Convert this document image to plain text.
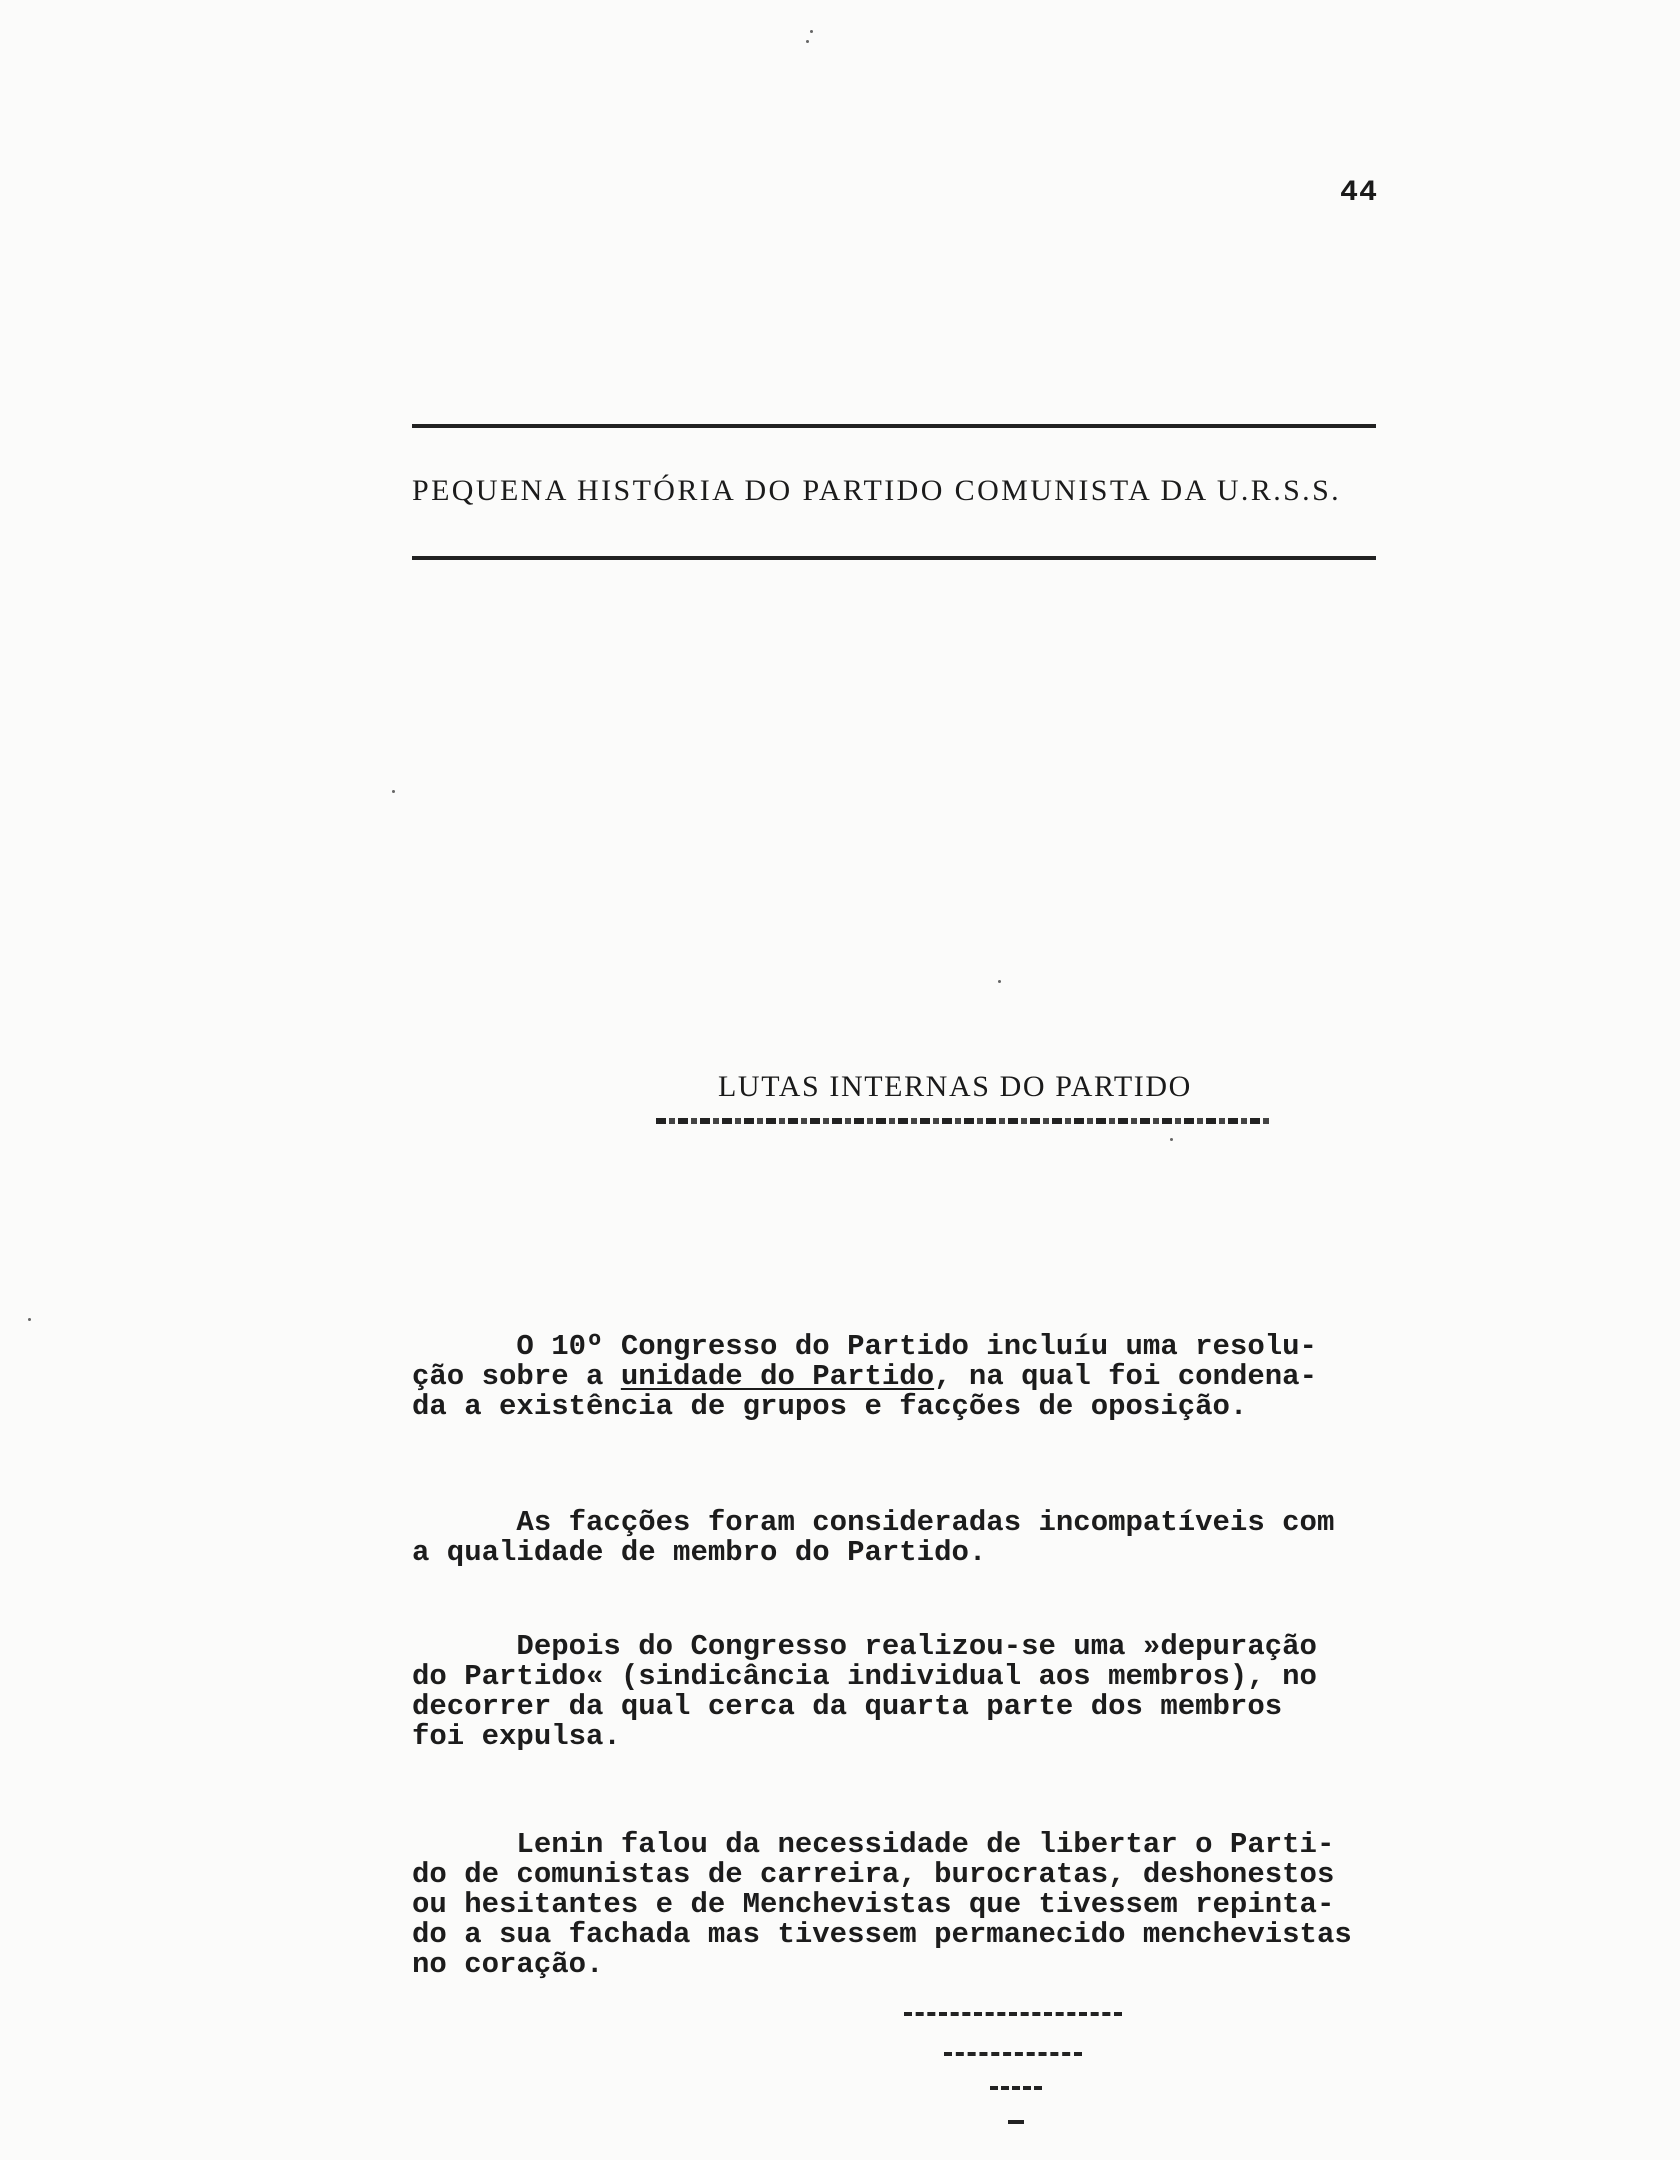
44
PEQUENA HISTÓRIA DO PARTIDO COMUNISTA DA U.R.S.S.
LUTAS INTERNAS DO PARTIDO
O 10º Congresso do Partido incluíu uma resolu-
ção sobre a unidade do Partido, na qual foi condena-
da a existência de grupos e facções de oposição.
As facções foram consideradas incompatíveis com
a qualidade de membro do Partido.
Depois do Congresso realizou-se uma »depuração
do Partido« (sindicância individual aos membros), no
decorrer da qual cerca da quarta parte dos membros
foi expulsa.
Lenin falou da necessidade de libertar o Parti-
do de comunistas de carreira, burocratas, deshonestos
ou hesitantes e de Menchevistas que tivessem repinta-
do a sua fachada mas tivessem permanecido menchevistas
no coração.
